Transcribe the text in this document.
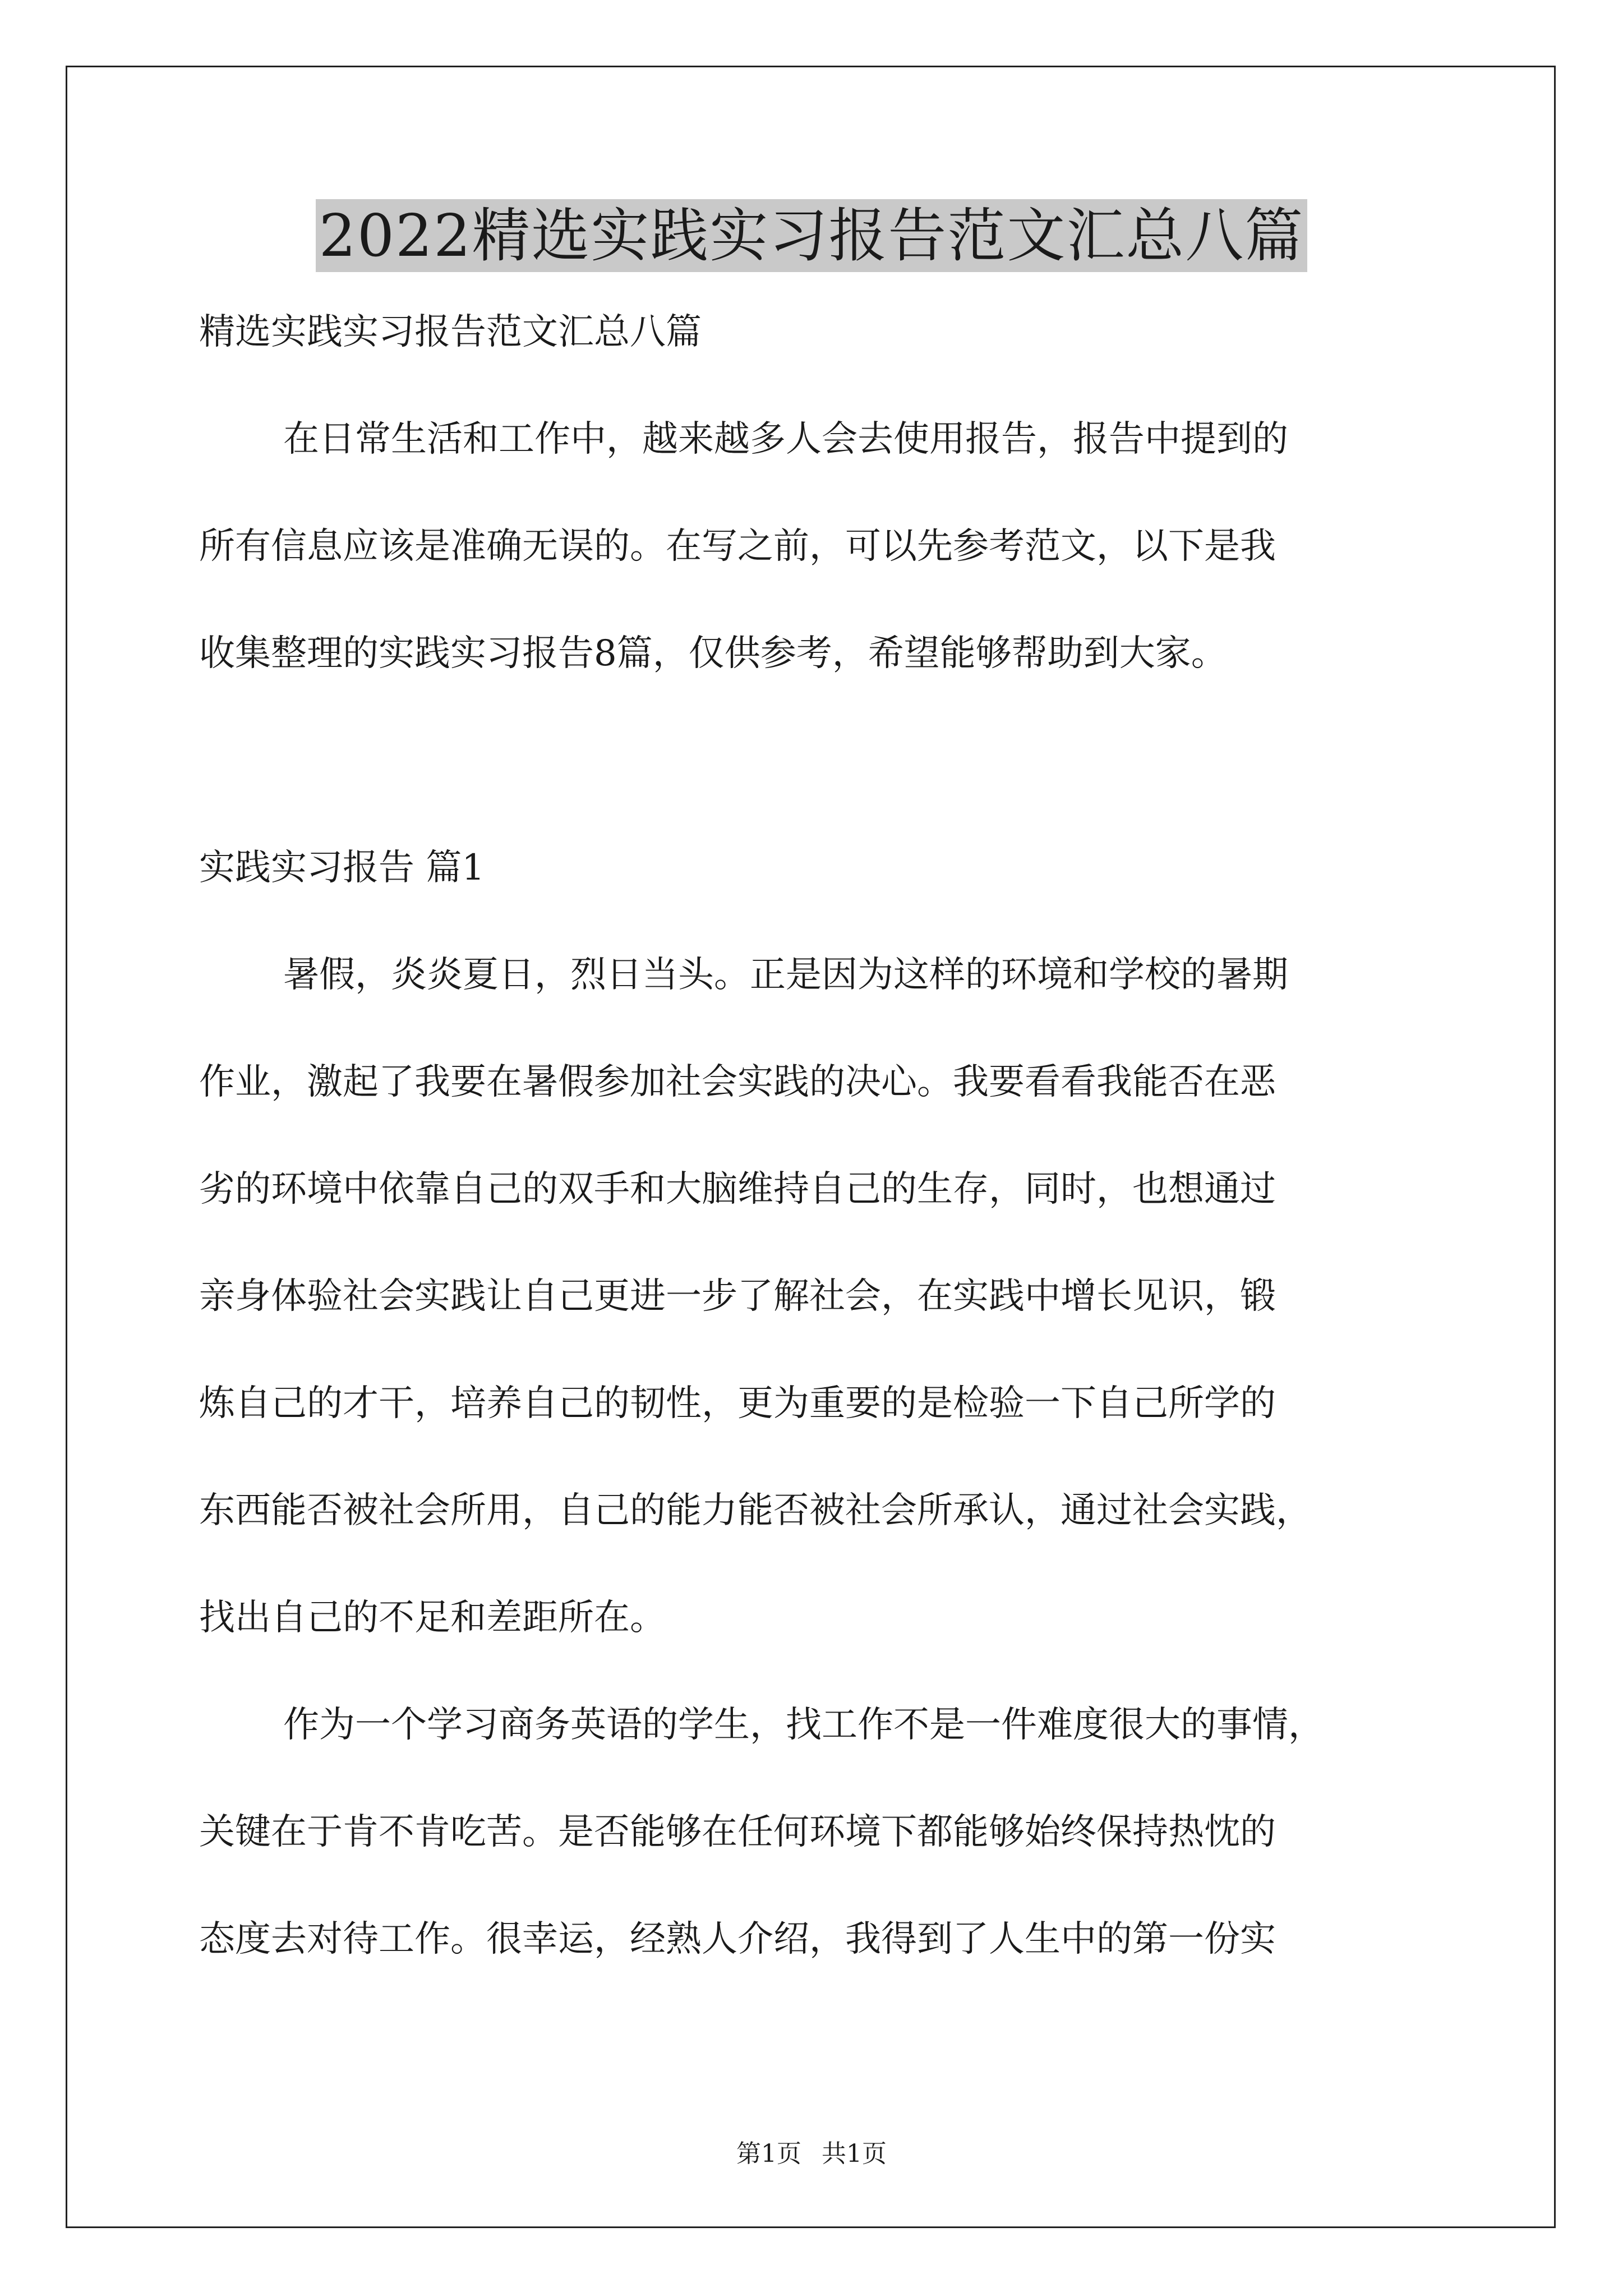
2022精选实践实习报告范文汇总八篇
精选实践实习报告范文汇总八篇
在日常生活和工作中，越来越多人会去使用报告，报告中提到的
所有信息应该是准确无误的。在写之前，可以先参考范文，以下是我
收集整理的实践实习报告8篇，仅供参考，希望能够帮助到大家。
实践实习报告 篇1
暑假，炎炎夏日，烈日当头。正是因为这样的环境和学校的暑期
作业，激起了我要在暑假参加社会实践的决心。我要看看我能否在恶
劣的环境中依靠自己的双手和大脑维持自己的生存，同时，也想通过
亲身体验社会实践让自己更进一步了解社会，在实践中增长见识，锻
炼自己的才干，培养自己的韧性，更为重要的是检验一下自己所学的
东西能否被社会所用，自己的能力能否被社会所承认，通过社会实践，
找出自己的不足和差距所在。
作为一个学习商务英语的学生，找工作不是一件难度很大的事情，
关键在于肯不肯吃苦。是否能够在任何环境下都能够始终保持热忱的
态度去对待工作。很幸运，经熟人介绍，我得到了人生中的第一份实
第1页 共1页
